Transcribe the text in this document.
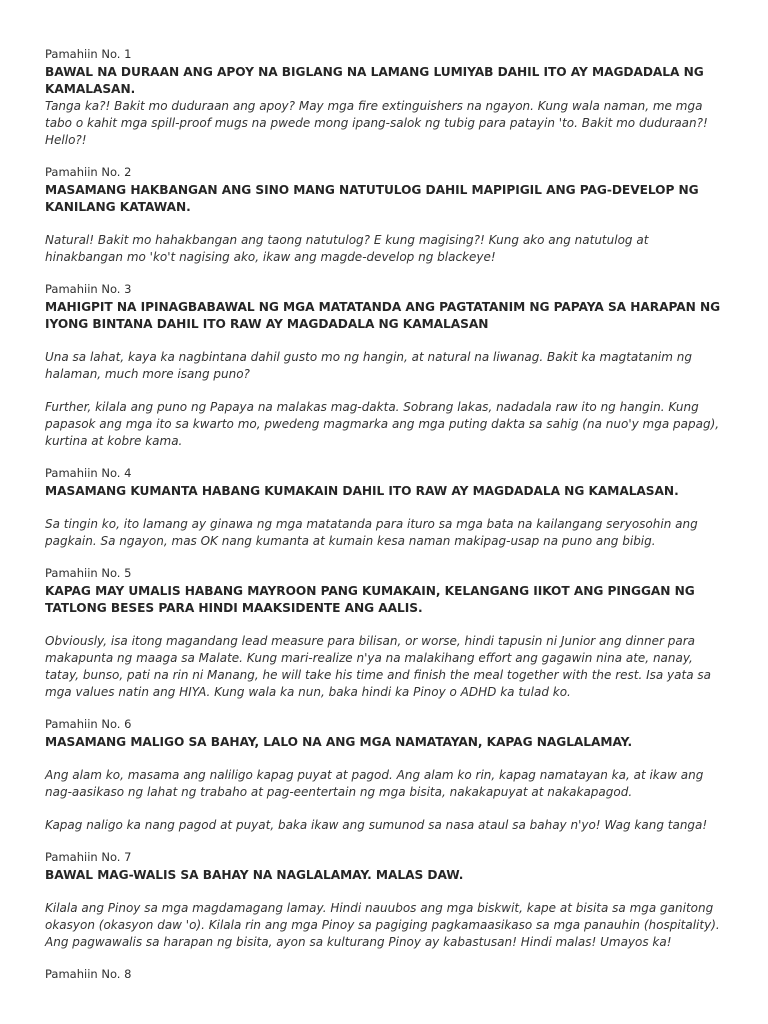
Pamahiin No. 1
BAWAL NA DURAAN ANG APOY NA BIGLANG NA LAMANG LUMIYAB DAHIL ITO AY MAGDADALA NG KAMALASAN.
Tanga ka?! Bakit mo duduraan ang apoy? May mga fire extinguishers na ngayon. Kung wala naman, me mga tabo o kahit mga spill-proof mugs na pwede mong ipang-salok ng tubig para patayin 'to. Bakit mo duduraan?! Hello?!
Pamahiin No. 2
MASAMANG HAKBANGAN ANG SINO MANG NATUTULOG DAHIL MAPIPIGIL ANG PAG-DEVELOP NG KANILANG KATAWAN.
Natural! Bakit mo hahakbangan ang taong natutulog? E kung magising?! Kung ako ang natutulog at hinakbangan mo 'ko't nagising ako, ikaw ang magde-develop ng blackeye!
Pamahiin No. 3
MAHIGPIT NA IPINAGBABAWAL NG MGA MATATANDA ANG PAGTATANIM NG PAPAYA SA HARAPAN NG IYONG BINTANA DAHIL ITO RAW AY MAGDADALA NG KAMALASAN
Una sa lahat, kaya ka nagbintana dahil gusto mo ng hangin, at natural na liwanag. Bakit ka magtatanim ng halaman, much more isang puno?
Further, kilala ang puno ng Papaya na malakas mag-dakta. Sobrang lakas, nadadala raw ito ng hangin. Kung papasok ang mga ito sa kwarto mo, pwedeng magmarka ang mga puting dakta sa sahig (na nuo'y mga papag), kurtina at kobre kama.
Pamahiin No. 4
MASAMANG KUMANTA HABANG KUMAKAIN DAHIL ITO RAW AY MAGDADALA NG KAMALASAN.
Sa tingin ko, ito lamang ay ginawa ng mga matatanda para ituro sa mga bata na kailangang seryosohin ang pagkain. Sa ngayon, mas OK nang kumanta at kumain kesa naman makipag-usap na puno ang bibig.
Pamahiin No. 5
KAPAG MAY UMALIS HABANG MAYROON PANG KUMAKAIN, KELANGANG IIKOT ANG PINGGAN NG TATLONG BESES PARA HINDI MAAKSIDENTE ANG AALIS.
Obviously, isa itong magandang lead measure para bilisan, or worse, hindi tapusin ni Junior ang dinner para makapunta ng maaga sa Malate. Kung mari-realize n'ya na malakihang effort ang gagawin nina ate, nanay, tatay, bunso, pati na rin ni Manang, he will take his time and finish the meal together with the rest. Isa yata sa mga values natin ang HIYA. Kung wala ka nun, baka hindi ka Pinoy o ADHD ka tulad ko.
Pamahiin No. 6
MASAMANG MALIGO SA BAHAY, LALO NA ANG MGA NAMATAYAN, KAPAG NAGLALAMAY.
Ang alam ko, masama ang naliligo kapag puyat at pagod. Ang alam ko rin, kapag namatayan ka, at ikaw ang nag-aasikaso ng lahat ng trabaho at pag-eentertain ng mga bisita, nakakapuyat at nakakapagod.
Kapag naligo ka nang pagod at puyat, baka ikaw ang sumunod sa nasa ataul sa bahay n'yo! Wag kang tanga!
Pamahiin No. 7
BAWAL MAG-WALIS SA BAHAY NA NAGLALAMAY. MALAS DAW.
Kilala ang Pinoy sa mga magdamagang lamay. Hindi nauubos ang mga biskwit, kape at bisita sa mga ganitong okasyon (okasyon daw 'o). Kilala rin ang mga Pinoy sa pagiging pagkamaasikaso sa mga panauhin (hospitality). Ang pagwawalis sa harapan ng bisita, ayon sa kulturang Pinoy ay kabastusan! Hindi malas! Umayos ka!
Pamahiin No. 8
